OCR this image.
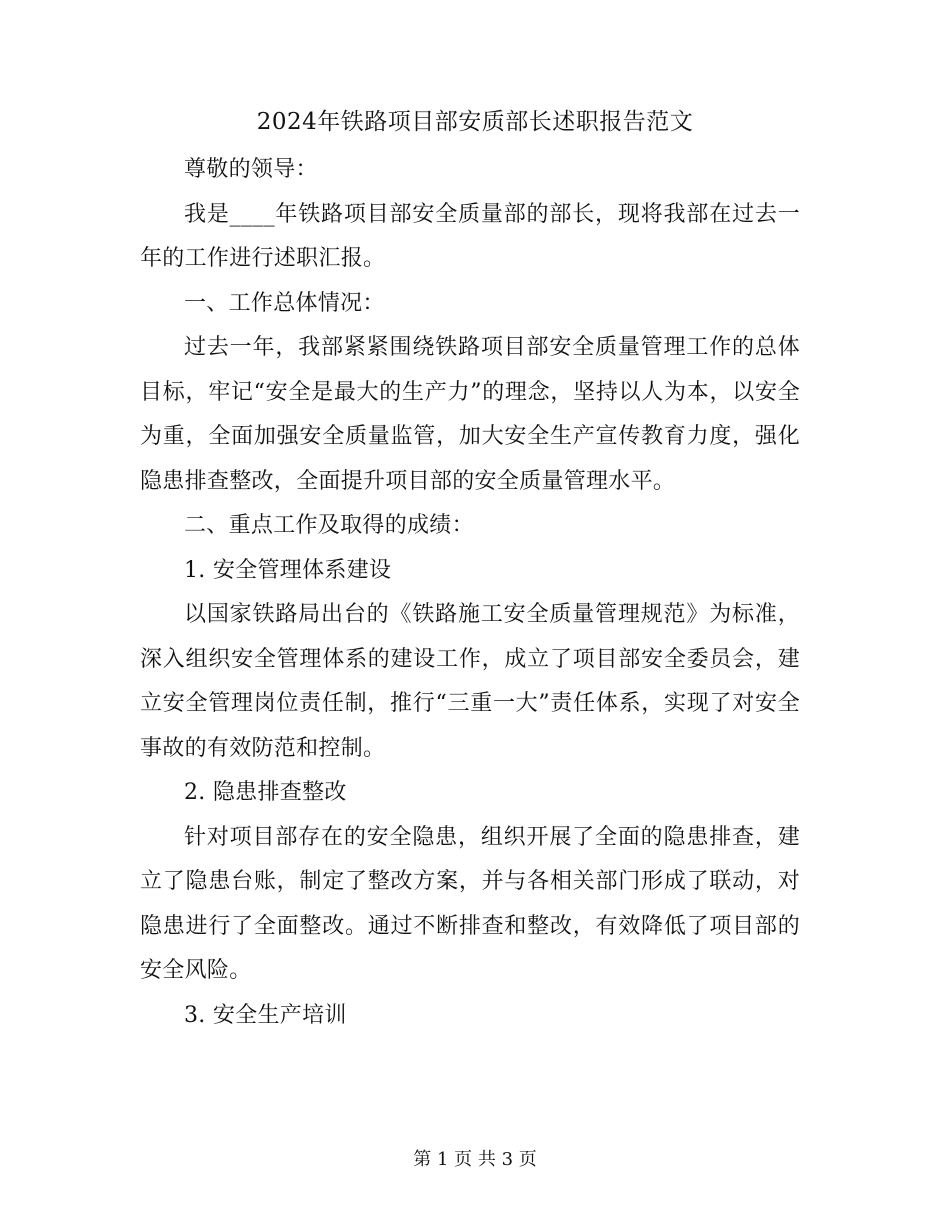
2024年铁路项目部安质部长述职报告范文

尊敬的领导：

我是____年铁路项目部安全质量部的部长，现将我部在过去一年的工作进行述职汇报。

一、工作总体情况：

过去一年，我部紧紧围绕铁路项目部安全质量管理工作的总体目标，牢记“安全是最大的生产力”的理念，坚持以人为本，以安全为重，全面加强安全质量监管，加大安全生产宣传教育力度，强化隐患排查整改，全面提升项目部的安全质量管理水平。

二、重点工作及取得的成绩：

1. 安全管理体系建设

以国家铁路局出台的《铁路施工安全质量管理规范》为标准，深入组织安全管理体系的建设工作，成立了项目部安全委员会，建立安全管理岗位责任制，推行“三重一大”责任体系，实现了对安全事故的有效防范和控制。

2. 隐患排查整改

针对项目部存在的安全隐患，组织开展了全面的隐患排查，建立了隐患台账，制定了整改方案，并与各相关部门形成了联动，对隐患进行了全面整改。通过不断排查和整改，有效降低了项目部的安全风险。

3. 安全生产培训

第 1 页 共 3 页
